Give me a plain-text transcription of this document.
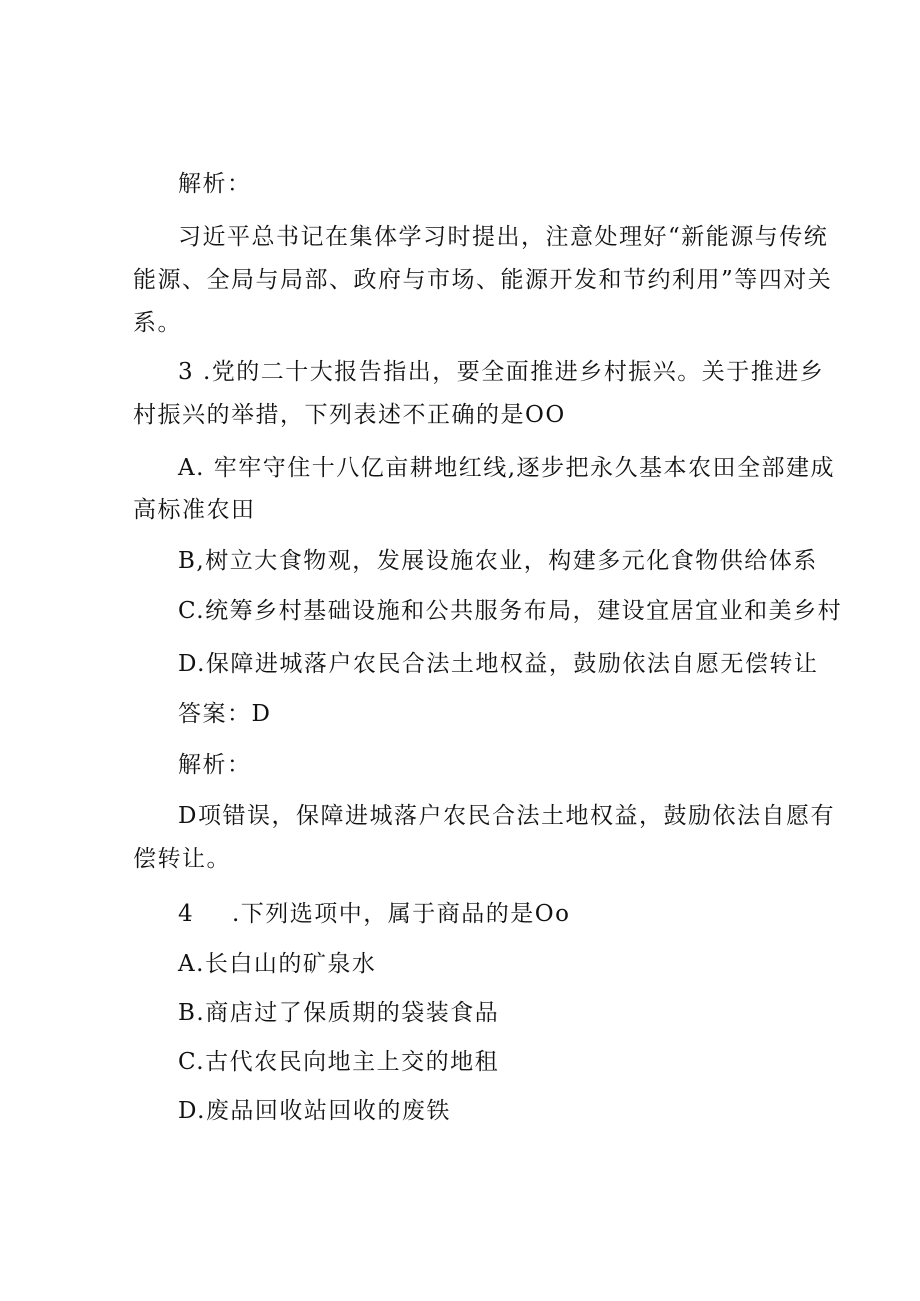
解析：
习近平总书记在集体学习时提出，注意处理好“新能源与传统
能源、全局与局部、政府与市场、能源开发和节约利用”等四对关
系。
3 .党的二十大报告指出，要全面推进乡村振兴。关于推进乡
村振兴的举措，下列表述不正确的是OO
A. 牢牢守住十八亿亩耕地红线,逐步把永久基本农田全部建成
高标准农田
B,树立大食物观，发展设施农业，构建多元化食物供给体系
C.统筹乡村基础设施和公共服务布局，建设宜居宜业和美乡村
D.保障进城落户农民合法土地权益，鼓励依法自愿无偿转让
答案：D
解析：
D项错误，保障进城落户农民合法土地权益，鼓励依法自愿有
偿转让。
4 .下列选项中，属于商品的是Oo
A.长白山的矿泉水
B.商店过了保质期的袋装食品
C.古代农民向地主上交的地租
D.废品回收站回收的废铁
